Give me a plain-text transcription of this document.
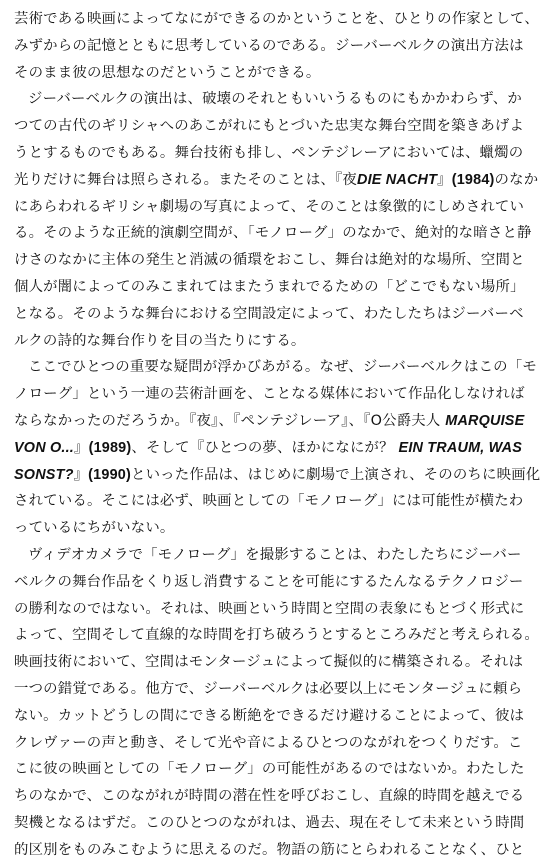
芸術である映画によってなにができるのかということを、ひとりの作家として、
みずからの記憶とともに思考しているのである。ジーバーベルクの演出方法は
そのまま彼の思想なのだということができる。
ジーバーベルクの演出は、破壊のそれともいいうるものにもかかわらず、か
つての古代のギリシャへのあこがれにもとづいた忠実な舞台空間を築きあげよ
うとするものでもある。舞台技術も排し、ペンテジレーアにおいては、蠟燭の
光りだけに舞台は照らされる。またそのことは、『夜DIE NACHT』(1984)のなか
にあらわれるギリシャ劇場の写真によって、そのことは象徴的にしめされてい
る。そのような正統的演劇空間が、「モノローグ」のなかで、絶対的な暗さと静
けさのなかに主体の発生と消滅の循環をおこし、舞台は絶対的な場所、空間と
個人が闇によってのみこまれてはまたうまれでるための「どこでもない場所」
となる。そのような舞台における空間設定によって、わたしたちはジーバーベ
ルクの詩的な舞台作りを目の当たりにする。
ここでひとつの重要な疑問が浮かびあがる。なぜ、ジーバーベルクはこの「モ
ノローグ」という一連の芸術計画を、ことなる媒体において作品化しなければ
ならなかったのだろうか。『夜』、『ペンテジレーア』、『O公爵夫人 MARQUISE
VON O...』(1989)、そして『ひとつの夢、ほかになにが？ EIN TRAUM, WAS
SONST?』(1990)といった作品は、はじめに劇場で上演され、そののちに映画化
されている。そこには必ず、映画としての「モノローグ」には可能性が横たわ
っているにちがいない。
ヴィデオカメラで「モノローグ」を撮影することは、わたしたちにジーバー
ベルクの舞台作品をくり返し消費することを可能にするたんなるテクノロジー
の勝利なのではない。それは、映画という時間と空間の表象にもとづく形式に
よって、空間そして直線的な時間を打ち破ろうとするところみだと考えられる。
映画技術において、空間はモンタージュによって擬似的に構築される。それは
一つの錯覚である。他方で、ジーバーベルクは必要以上にモンタージュに頼ら
ない。カットどうしの間にできる断絶をできるだけ避けることによって、彼は
クレヴァーの声と動き、そして光や音によるひとつのながれをつくりだす。こ
こに彼の映画としての「モノローグ」の可能性があるのではないか。わたした
ちのなかで、このながれが時間の潜在性を呼びおこし、直線的時間を越えでる
契機となるはずだ。このひとつのながれは、過去、現在そして未来という時間
的区別をものみこむように思えるのだ。物語の筋にとらわれることなく、ひと
